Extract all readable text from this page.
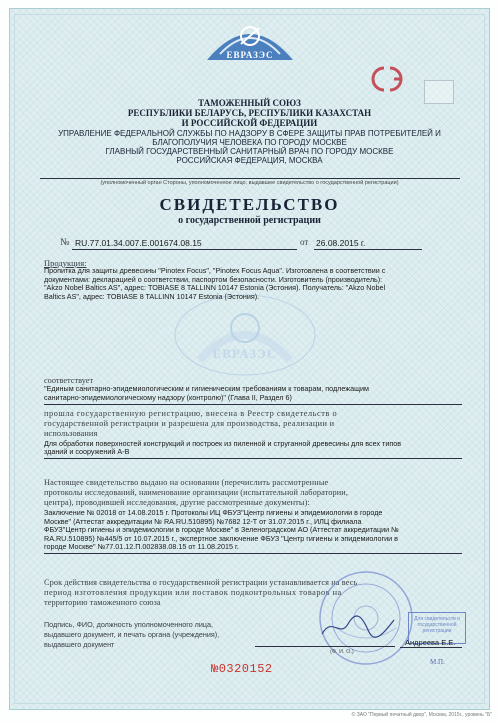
ЕВРАЗЭС
ЕВРАЗЭС
ТАМОЖЕННЫЙ СОЮЗ
РЕСПУБЛИКИ БЕЛАРУСЬ, РЕСПУБЛИКИ КАЗАХСТАН
И РОССИЙСКОЙ ФЕДЕРАЦИИ
УПРАВЛЕНИЕ ФЕДЕРАЛЬНОЙ СЛУЖБЫ ПО НАДЗОРУ В СФЕРЕ ЗАЩИТЫ ПРАВ ПОТРЕБИТЕЛЕЙ И
БЛАГОПОЛУЧИЯ ЧЕЛОВЕКА ПО ГОРОДУ МОСКВЕ
ГЛАВНЫЙ ГОСУДАРСТВЕННЫЙ САНИТАРНЫЙ ВРАЧ ПО ГОРОДУ МОСКВЕ
РОССИЙСКАЯ ФЕДЕРАЦИЯ, МОСКВА
(уполномоченный орган Стороны, уполномоченное лицо, выдавшее свидетельство о государственной регистрации)
СВИДЕТЕЛЬСТВО
о государственной регистрации
№ RU.77.01.34.007.E.001674.08.15	от 26.08.2015 г.
Продукция:
Пропитка для защиты древесины "Pinotex Focus", "Pinotex Focus Aqua". Изготовлена в соответствии с
документами: декларацией о соответствии, паспортом безопасности. Изготовитель (производитель):
"Akzo Nobel Baltics AS", адрес: TOBIASE 8 TALLINN 10147 Estonia (Эстония). Получатель: "Akzo Nobel
Baltics AS", адрес: TOBIASE 8 TALLINN 10147 Estonia (Эстония).
соответствует
"Единым санитарно-эпидемиологическим и гигиеническим требованиям к товарам, подлежащим
санитарно-эпидемиологическому надзору (контролю)" (Глава II, Раздел 6)
прошла государственную регистрацию, внесена в Реестр свидетельств о
государственной регистрации и разрешена для производства, реализации и
использования
Для обработки поверхностей конструкций и построек из пиленной и струганной древесины для всех типов
зданий и сооружений А-В
Настоящее свидетельство выдано на основании (перечислить рассмотренные
протоколы исследований, наименование организации (испытательной лаборатории,
центра), проводившей исследования, другие рассмотренные документы):
Заключение № 02018 от 14.08.2015 г. Протоколы ИЦ ФБУЗ"Центр гигиены и эпидемиологии в городе
Москве" (Аттестат аккредитации № RA.RU.510895) №7682 12-Т от 31.07.2015 г., ИЛЦ филиала
ФБУЗ"Центр гигиены и эпидемиологии в городе Москве" в Зеленоградском АО (Аттестат аккредитации №
RA.RU.510895) №445/5 от 10.07.2015 г., экспертное заключение ФБУЗ "Центр гигиены и эпидемиологии в
городе Москве" №77.01.12.П.002838.08.15 от 11.08.2015 г.
Срок действия свидетельства о государственной регистрации устанавливается на весь
период изготовления продукции или поставок подконтрольных товаров на
территорию таможенного союза
Для свидетельств о государственной регистрации
Подпись, ФИО, должность уполномоченного лица,
выдавшего документ, и печать органа (учреждения),
выдавшего документ	Андреева Е.Е.
(Ф. И. О.)
М.П.
№0320152
© ЗАО "Первый печатный двор", Москва, 2015г., уровень "Б"
